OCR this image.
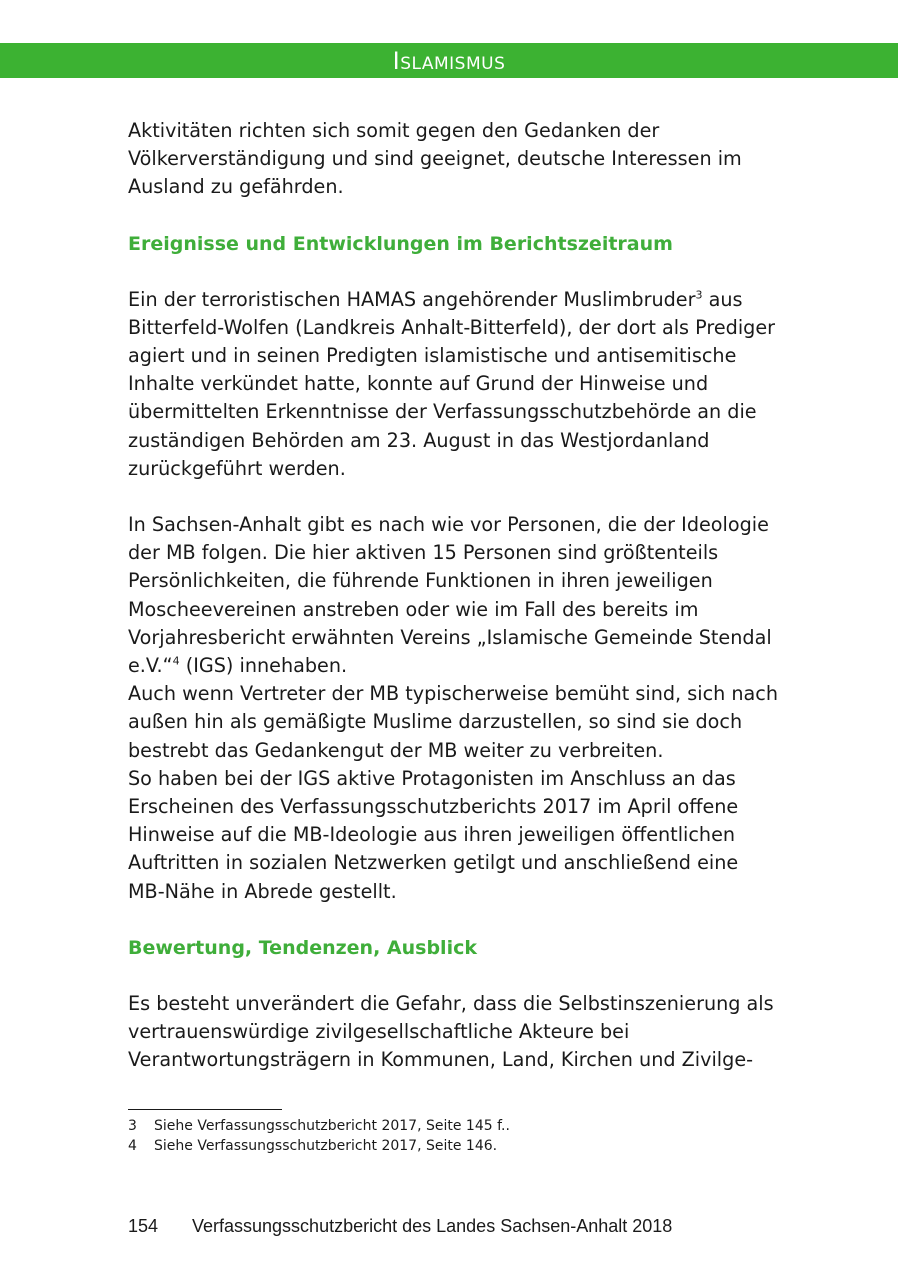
Islamismus

Aktivitäten richten sich somit gegen den Gedanken der Völkerverständigung und sind geeignet, deutsche Interessen im Ausland zu gefährden.

Ereignisse und Entwicklungen im Berichtszeitraum

Ein der terroristischen HAMAS angehörender Muslimbruder$^3$ aus Bitterfeld-Wolfen (Landkreis Anhalt-Bitterfeld), der dort als Prediger agiert und in seinen Predigten islamistische und antisemitische Inhalte verkündet hatte, konnte auf Grund der Hinweise und übermittelten Erkenntnisse der Verfassungsschutzbehörde an die zuständigen Behörden am 23. August in das Westjordanland zurückgeführt werden.

In Sachsen-Anhalt gibt es nach wie vor Personen, die der Ideologie der MB folgen. Die hier aktiven 15 Personen sind größtenteils Persönlichkeiten, die führende Funktionen in ihren jeweiligen Moscheevereinen anstreben oder wie im Fall des bereits im Vorjahresbericht erwähnten Vereins „Islamische Gemeinde Stendal e.V.“$^4$ (IGS) innehaben.

Auch wenn Vertreter der MB typischerweise bemüht sind, sich nach außen hin als gemäßigte Muslime darzustellen, so sind sie doch bestrebt das Gedankengut der MB weiter zu verbreiten.

So haben bei der IGS aktive Protagonisten im Anschluss an das Erscheinen des Verfassungsschutzberichts 2017 im April offene Hinweise auf die MB-Ideologie aus ihren jeweiligen öffentlichen Auftritten in sozialen Netzwerken getilgt und anschließend eine MB-Nähe in Abrede gestellt.

Bewertung, Tendenzen, Ausblick

Es besteht unverändert die Gefahr, dass die Selbstinszenierung als vertrauenswürdige zivilgesellschaftliche Akteure bei Verantwortungsträgern in Kommunen, Land, Kirchen und Zivilge-

3	Siehe Verfassungsschutzbericht 2017, Seite 145 f..
4	Siehe Verfassungsschutzbericht 2017, Seite 146.
154 Verfassungsschutzbericht des Landes Sachsen-Anhalt 2018
